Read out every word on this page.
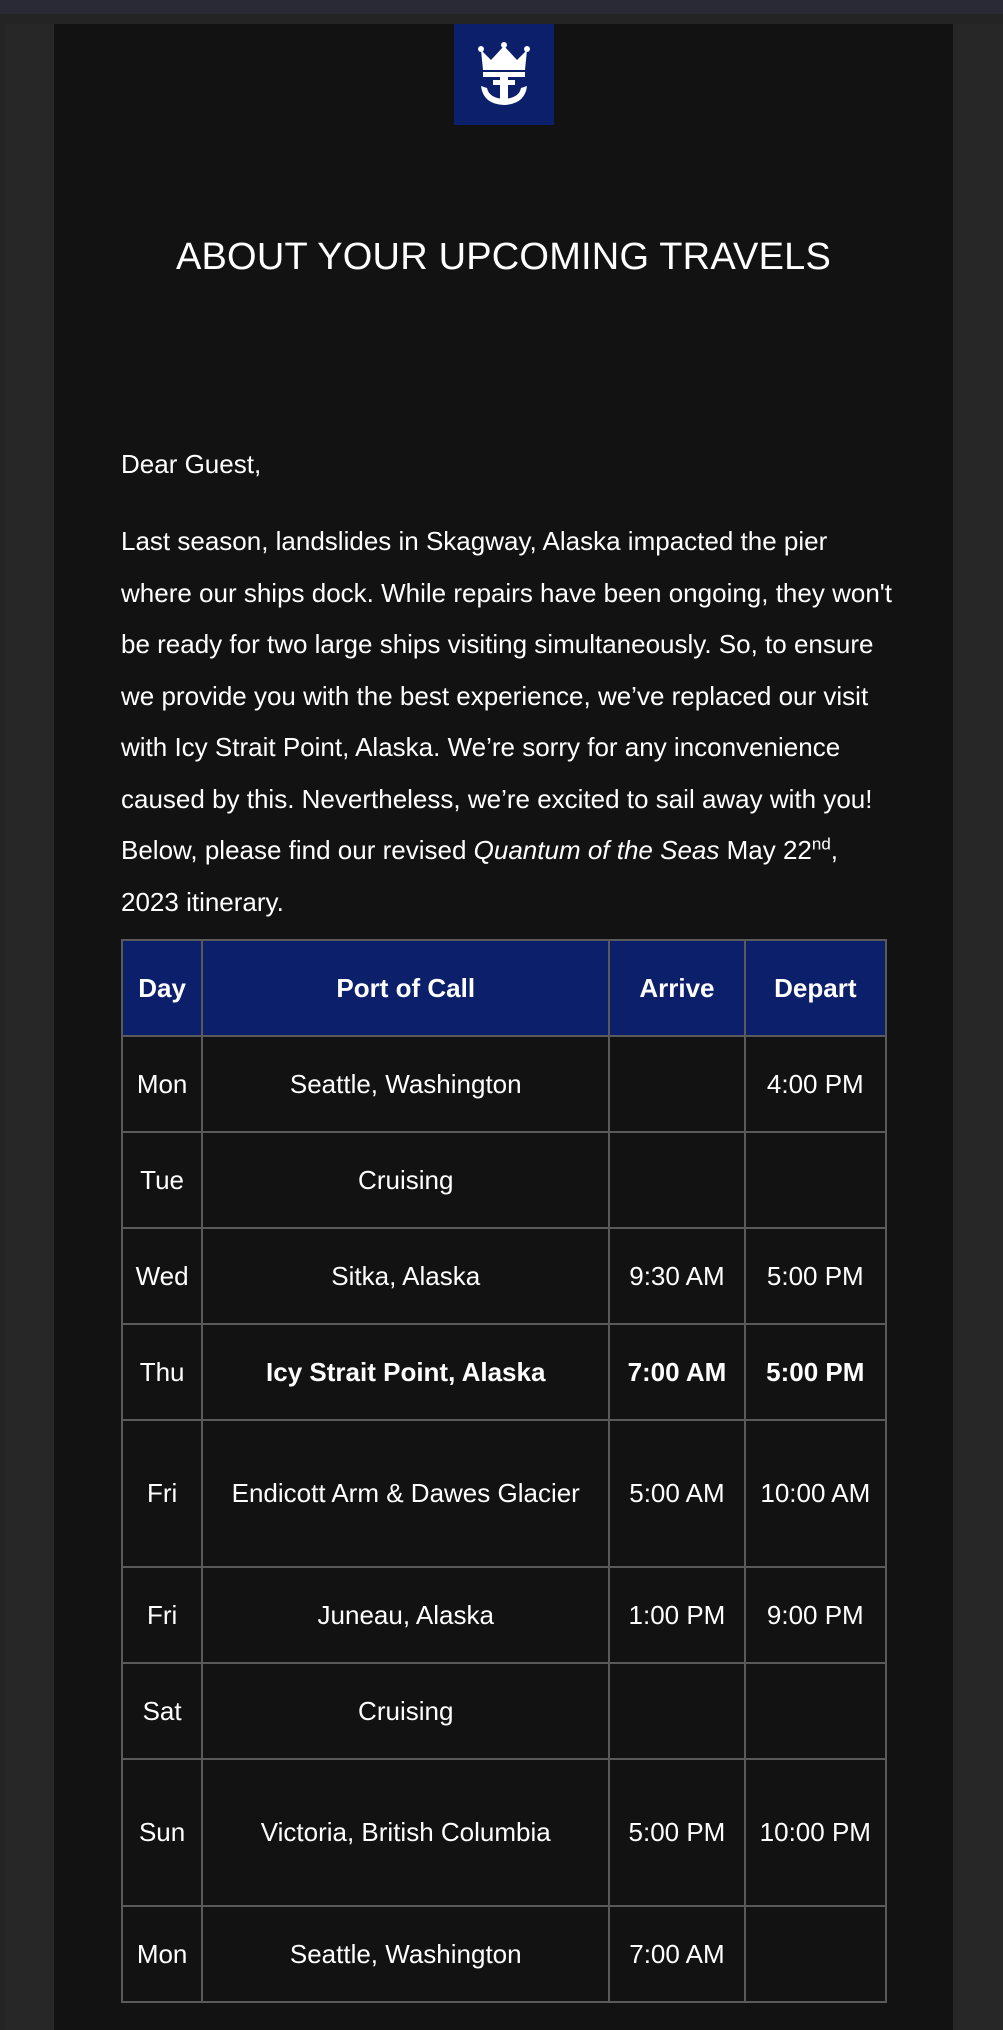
ABOUT YOUR UPCOMING TRAVELS

Dear Guest,

Last season, landslides in Skagway, Alaska impacted the pier where our ships dock. While repairs have been ongoing, they won't be ready for two large ships visiting simultaneously. So, to ensure we provide you with the best experience, we’ve replaced our visit with Icy Strait Point, Alaska. We’re sorry for any inconvenience caused by this. Nevertheless, we’re excited to sail away with you! Below, please find our revised Quantum of the Seas May 22nd, 2023 itinerary.

Day	Port of Call	Arrive	Depart
Mon	Seattle, Washington		4:00 PM
Tue	Cruising		
Wed	Sitka, Alaska	9:30 AM	5:00 PM
Thu	Icy Strait Point, Alaska	7:00 AM	5:00 PM
Fri	Endicott Arm & Dawes Glacier	5:00 AM	10:00 AM
Fri	Juneau, Alaska	1:00 PM	9:00 PM
Sat	Cruising		
Sun	Victoria, British Columbia	5:00 PM	10:00 PM
Mon	Seattle, Washington	7:00 AM	
